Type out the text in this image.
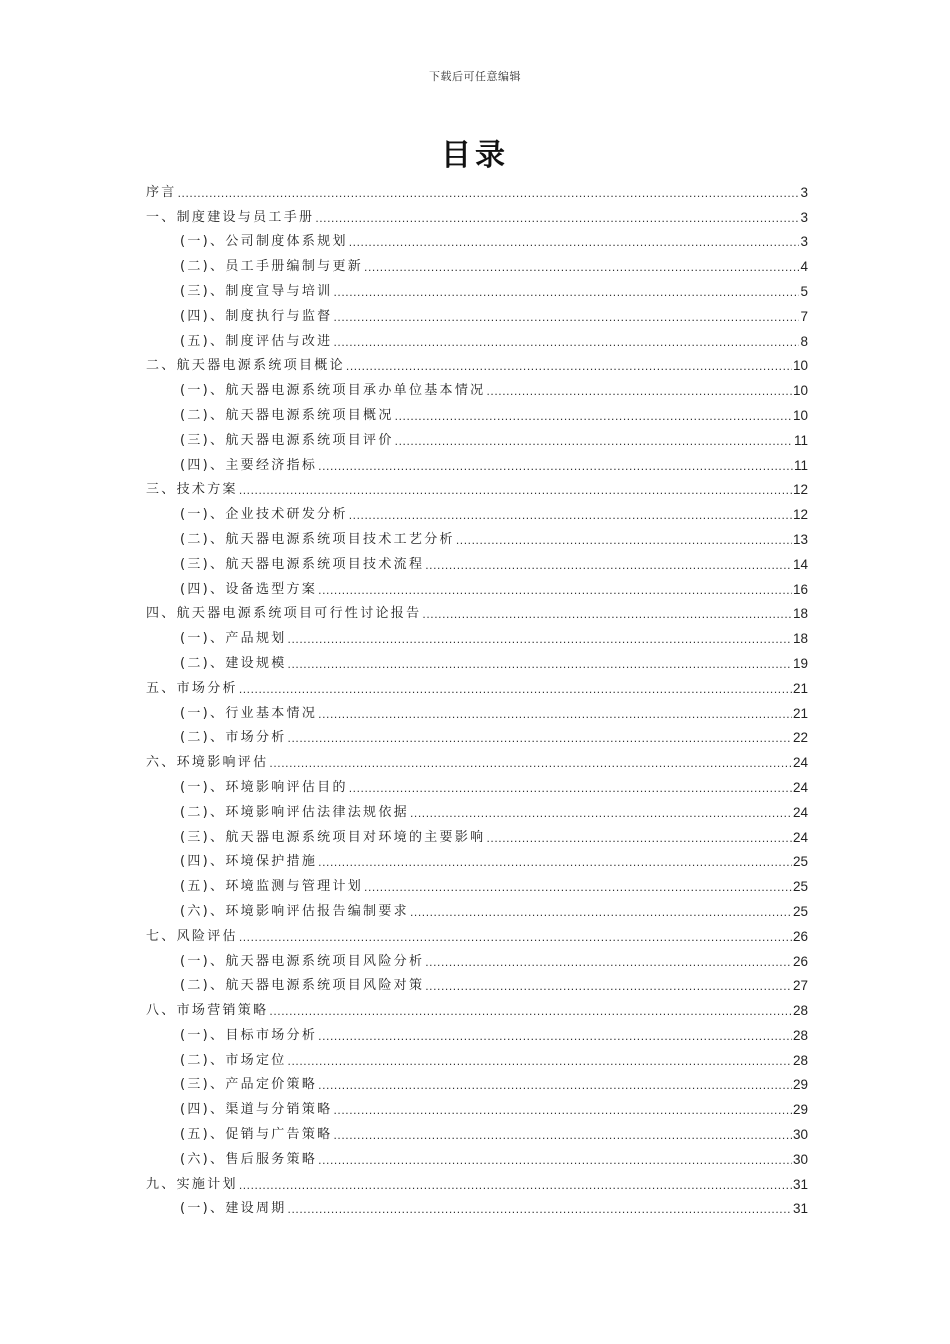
下载后可任意编辑
目录
序言 .....	3
一、制度建设与员工手册 .....	3
(一)、公司制度体系规划 .....	3
(二)、员工手册编制与更新 .....	4
(三)、制度宣导与培训 .....	5
(四)、制度执行与监督 .....	7
(五)、制度评估与改进 .....	8
二、航天器电源系统项目概论 .....	10
(一)、航天器电源系统项目承办单位基本情况 .....	10
(二)、航天器电源系统项目概况 .....	10
(三)、航天器电源系统项目评价 .....	11
(四)、主要经济指标 .....	11
三、技术方案 .....	12
(一)、企业技术研发分析 .....	12
(二)、航天器电源系统项目技术工艺分析 .....	13
(三)、航天器电源系统项目技术流程 .....	14
(四)、设备选型方案 .....	16
四、航天器电源系统项目可行性讨论报告 .....	18
(一)、产品规划 .....	18
(二)、建设规模 .....	19
五、市场分析 .....	21
(一)、行业基本情况 .....	21
(二)、市场分析 .....	22
六、环境影响评估 .....	24
(一)、环境影响评估目的 .....	24
(二)、环境影响评估法律法规依据 .....	24
(三)、航天器电源系统项目对环境的主要影响 .....	24
(四)、环境保护措施 .....	25
(五)、环境监测与管理计划 .....	25
(六)、环境影响评估报告编制要求 .....	25
七、风险评估 .....	26
(一)、航天器电源系统项目风险分析 .....	26
(二)、航天器电源系统项目风险对策 .....	27
八、市场营销策略 .....	28
(一)、目标市场分析 .....	28
(二)、市场定位 .....	28
(三)、产品定价策略 .....	29
(四)、渠道与分销策略 .....	29
(五)、促销与广告策略 .....	30
(六)、售后服务策略 .....	30
九、实施计划 .....	31
(一)、建设周期 .....	31
